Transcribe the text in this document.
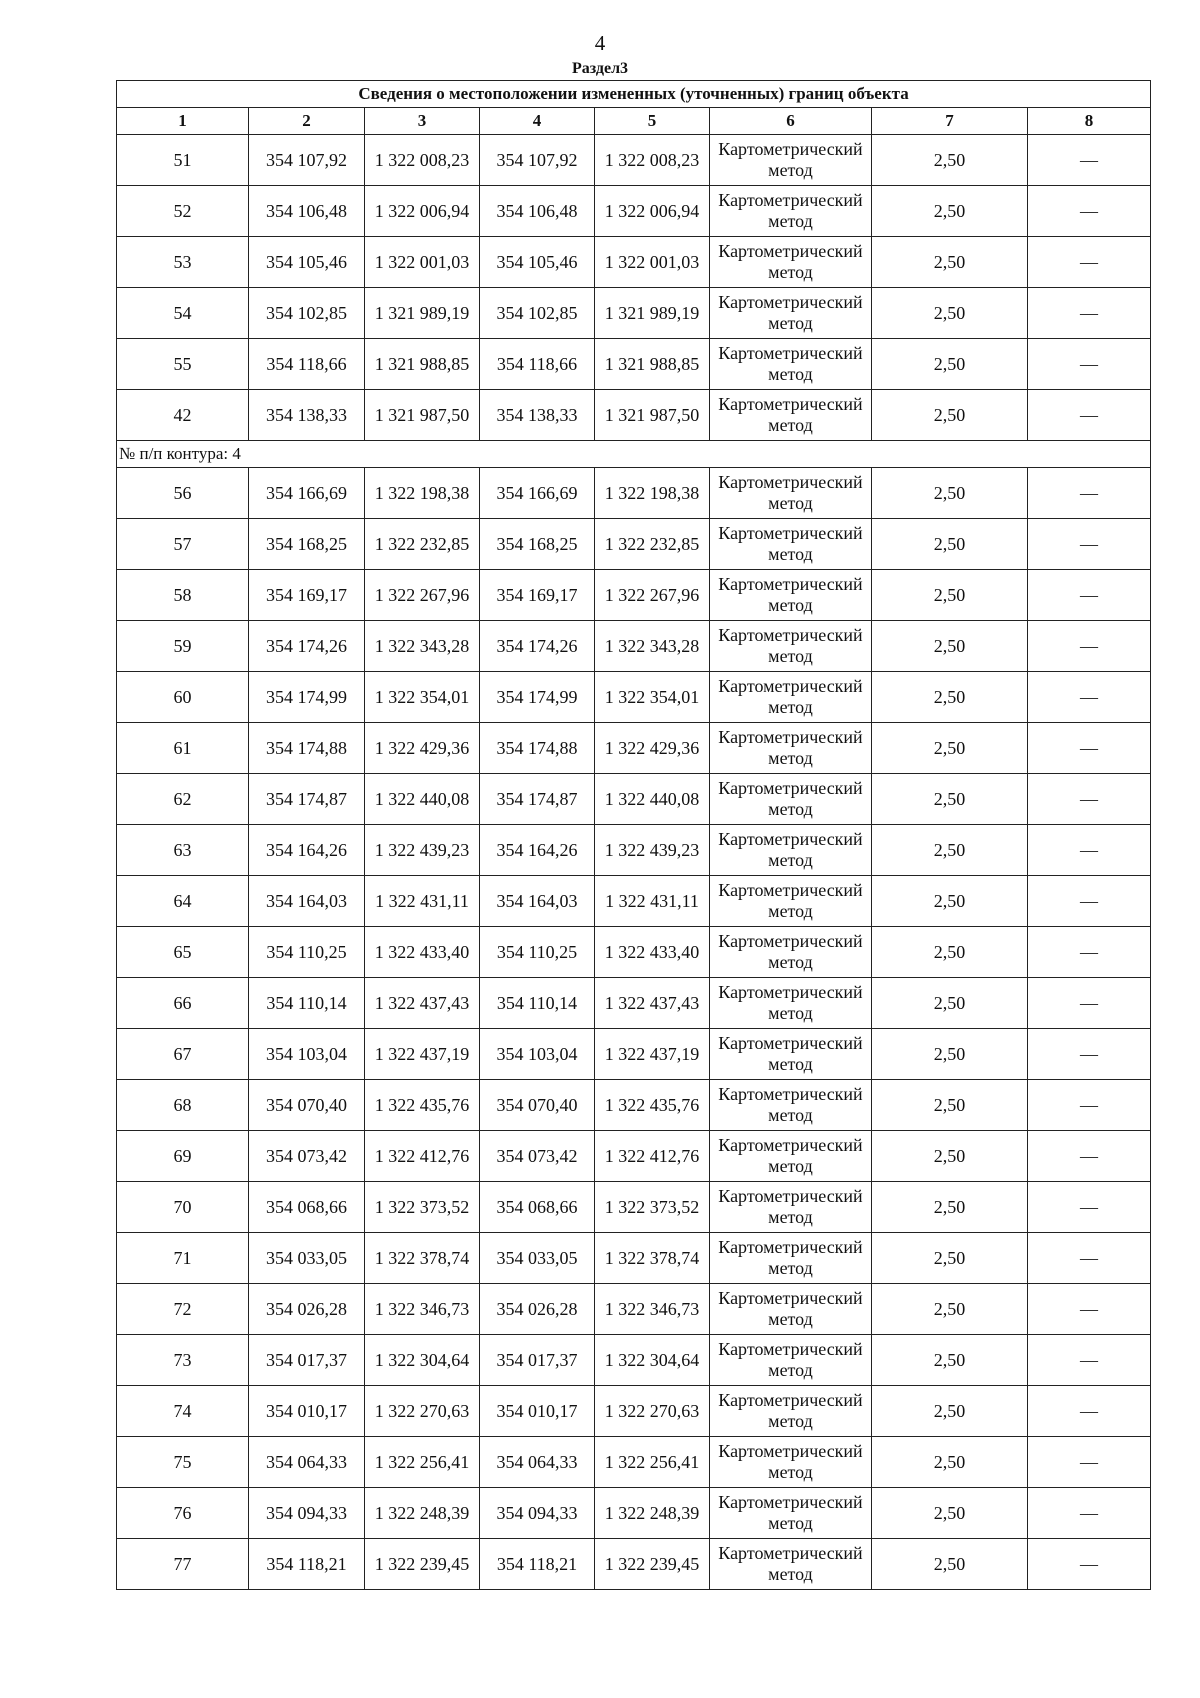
4
Раздел3
Сведения о местоположении измененных (уточненных) границ объекта							
1	2	3	4	5	6	7	8
51	354 107,92	1 322 008,23	354 107,92	1 322 008,23	Картометрический метод	2,50	—
52	354 106,48	1 322 006,94	354 106,48	1 322 006,94	Картометрический метод	2,50	—
53	354 105,46	1 322 001,03	354 105,46	1 322 001,03	Картометрический метод	2,50	—
54	354 102,85	1 321 989,19	354 102,85	1 321 989,19	Картометрический метод	2,50	—
55	354 118,66	1 321 988,85	354 118,66	1 321 988,85	Картометрический метод	2,50	—
42	354 138,33	1 321 987,50	354 138,33	1 321 987,50	Картометрический метод	2,50	—
№ п/п контура: 4							
56	354 166,69	1 322 198,38	354 166,69	1 322 198,38	Картометрический метод	2,50	—
57	354 168,25	1 322 232,85	354 168,25	1 322 232,85	Картометрический метод	2,50	—
58	354 169,17	1 322 267,96	354 169,17	1 322 267,96	Картометрический метод	2,50	—
59	354 174,26	1 322 343,28	354 174,26	1 322 343,28	Картометрический метод	2,50	—
60	354 174,99	1 322 354,01	354 174,99	1 322 354,01	Картометрический метод	2,50	—
61	354 174,88	1 322 429,36	354 174,88	1 322 429,36	Картометрический метод	2,50	—
62	354 174,87	1 322 440,08	354 174,87	1 322 440,08	Картометрический метод	2,50	—
63	354 164,26	1 322 439,23	354 164,26	1 322 439,23	Картометрический метод	2,50	—
64	354 164,03	1 322 431,11	354 164,03	1 322 431,11	Картометрический метод	2,50	—
65	354 110,25	1 322 433,40	354 110,25	1 322 433,40	Картометрический метод	2,50	—
66	354 110,14	1 322 437,43	354 110,14	1 322 437,43	Картометрический метод	2,50	—
67	354 103,04	1 322 437,19	354 103,04	1 322 437,19	Картометрический метод	2,50	—
68	354 070,40	1 322 435,76	354 070,40	1 322 435,76	Картометрический метод	2,50	—
69	354 073,42	1 322 412,76	354 073,42	1 322 412,76	Картометрический метод	2,50	—
70	354 068,66	1 322 373,52	354 068,66	1 322 373,52	Картометрический метод	2,50	—
71	354 033,05	1 322 378,74	354 033,05	1 322 378,74	Картометрический метод	2,50	—
72	354 026,28	1 322 346,73	354 026,28	1 322 346,73	Картометрический метод	2,50	—
73	354 017,37	1 322 304,64	354 017,37	1 322 304,64	Картометрический метод	2,50	—
74	354 010,17	1 322 270,63	354 010,17	1 322 270,63	Картометрический метод	2,50	—
75	354 064,33	1 322 256,41	354 064,33	1 322 256,41	Картометрический метод	2,50	—
76	354 094,33	1 322 248,39	354 094,33	1 322 248,39	Картометрический метод	2,50	—
77	354 118,21	1 322 239,45	354 118,21	1 322 239,45	Картометрический метод	2,50	—
